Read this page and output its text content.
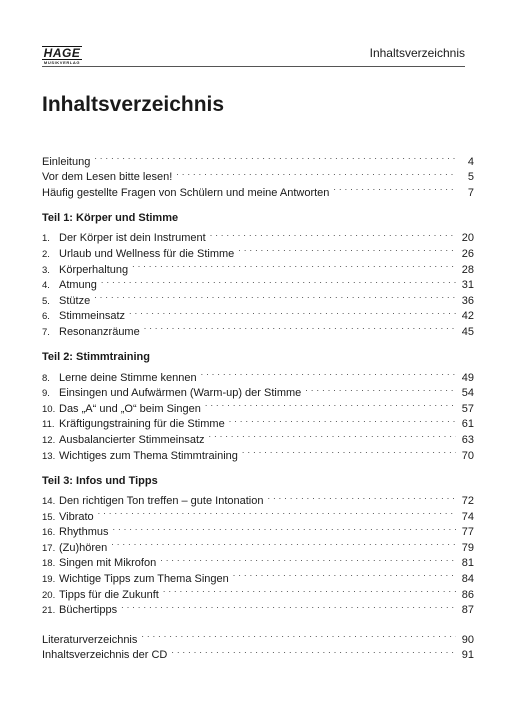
HAGE
MUSIKVERLAG
Inhaltsverzeichnis
Inhaltsverzeichnis
Einleitung . . .	4
Vor dem Lesen bitte lesen! . . .	5
Häufig gestellte Fragen von Schülern und meine Antworten . . .	7
Teil 1: Körper und Stimme
1. Der Körper ist dein Instrument . . .	20
2. Urlaub und Wellness für die Stimme . . .	26
3. Körperhaltung . . .	28
4. Atmung . . .	31
5. Stütze . . .	36
6. Stimmeinsatz . . .	42
7. Resonanzräume . . .	45
Teil 2: Stimmtraining
8. Lerne deine Stimme kennen . . .	49
9. Einsingen und Aufwärmen (Warm-up) der Stimme . . .	54
10. Das „A“ und „O“ beim Singen . . .	57
11. Kräftigungstraining für die Stimme . . .	61
12. Ausbalancierter Stimmeinsatz . . .	63
13. Wichtiges zum Thema Stimmtraining . . .	70
Teil 3: Infos und Tipps
14. Den richtigen Ton treffen – gute Intonation . . .	72
15. Vibrato . . .	74
16. Rhythmus . . .	77
17. (Zu)hören . . .	79
18. Singen mit Mikrofon . . .	81
19. Wichtige Tipps zum Thema Singen . . .	84
20. Tipps für die Zukunft . . .	86
21. Büchertipps . . .	87
Literaturverzeichnis . . .	90
Inhaltsverzeichnis der CD . . .	91
